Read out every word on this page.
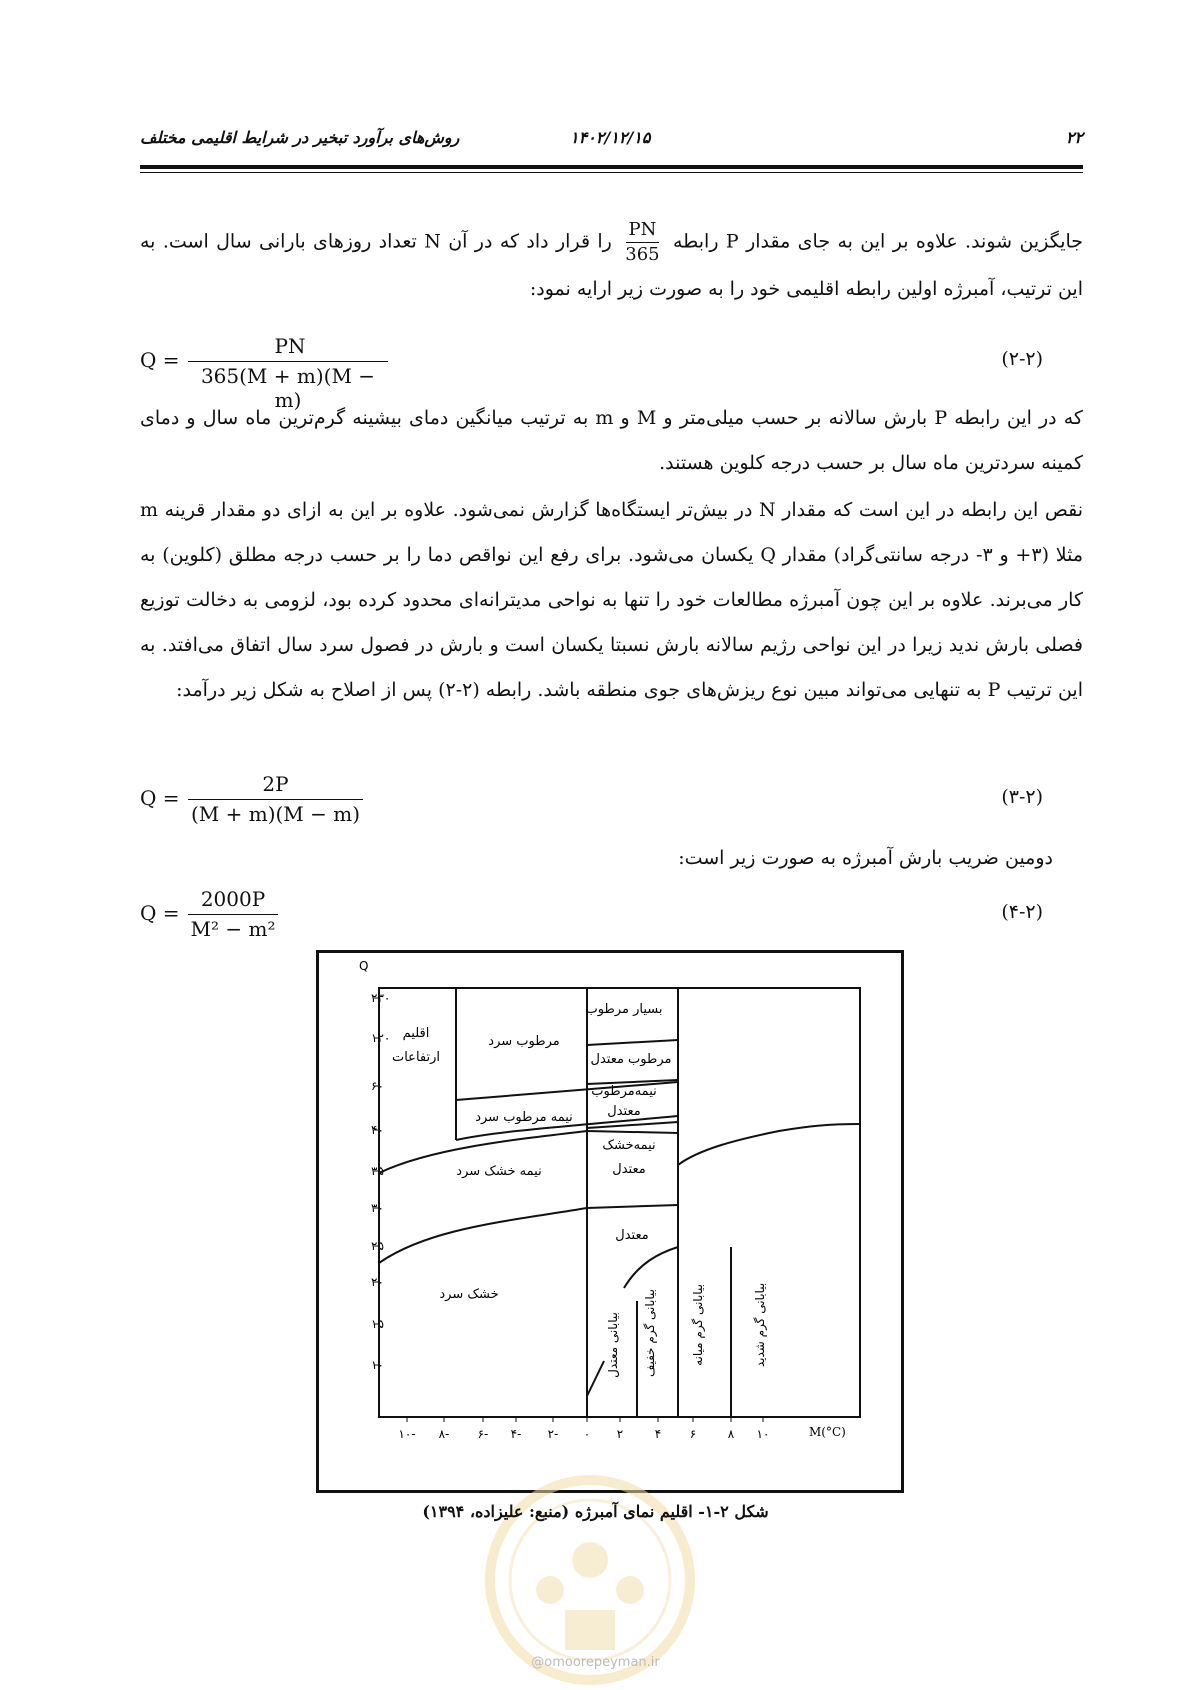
۲۲
۱۴۰۲/۱۲/۱۵
روش‌های برآورد تبخیر در شرایط اقلیمی مختلف
جایگزین شوند. علاوه بر این به جای مقدار P رابطه
$\frac{PN}{365}$
را قرار داد که در آن N تعداد روزهای بارانی سال است. به این ترتیب، آمبرژه اولین رابطه اقلیمی خود را به صورت زیر ارایه نمود:
Q =
PN
365(M + m)(M − m)
(۲-۲)
که در این رابطه P بارش سالانه بر حسب میلی‌متر و M و m به ترتیب میانگین دمای بیشینه گرم‌ترین ماه سال و دمای کمینه سردترین ماه سال بر حسب درجه کلوین هستند.
نقص این رابطه در این است که مقدار N در بیش‌تر ایستگاه‌ها گزارش نمی‌شود. علاوه بر این به ازای دو مقدار قرینه m مثلا (۳+ و ۳- درجه سانتی‌گراد) مقدار Q یکسان می‌شود. برای رفع این نواقص دما را بر حسب درجه مطلق (کلوین) به کار می‌برند. علاوه بر این چون آمبرژه مطالعات خود را تنها به نواحی مدیترانه‌ای محدود کرده بود، لزومی به دخالت توزیع فصلی بارش ندید زیرا در این نواحی رژیم سالانه بارش نسبتا یکسان است و بارش در فصول سرد سال اتفاق می‌افتد. به این ترتیب P به تنهایی می‌تواند مبین نوع ریزش‌های جوی منطقه باشد. رابطه (۲-۲) پس از اصلاح به شکل زیر درآمد:
Q =
2P
(M + m)(M − m)
(۳-۲)
دومین ضریب بارش آمبرژه به صورت زیر است:
Q =
2000P
M² − m²
(۴-۲)
Q
۲۳۰
۱۲۰
۶۰
۴۰
۳۵
۳۰
۲۵
۲۰
۱۵
۱۰
اقلیم
ارتفاعات
مرطوب سرد
بسیار مرطوب
مرطوب معتدل
نیمه‌مرطوب
معتدل
نیمه مرطوب سرد
نیمه‌خشک
معتدل
نیمه خشک سرد
معتدل
خشک سرد
بیابانی معتدل بیابانی گرم خفیف	بیابانی گرم میانه	بیابانی گرم شدید
-۱۰ -۸ -۶ -۴ -۲ ۰ ۲	۴ ۶	۸ ۱۰	M(°C)
شکل ۲-۱- اقلیم نمای آمبرژه (منبع: علیزاده، ۱۳۹۴)
@omoorepeyman.ir
